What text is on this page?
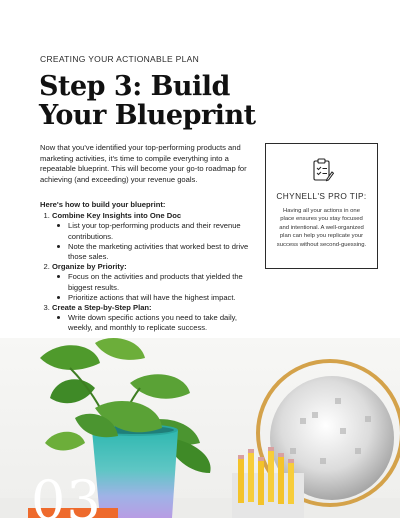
CREATING YOUR ACTIONABLE PLAN
Step 3: Build
Your Blueprint

Now that you've identified your top-performing products and marketing activities, it's time to compile everything into a repeatable blueprint. This will become your go-to roadmap for achieving (and exceeding) your revenue goals.

Here's how to build your blueprint:

1. Combine Key Insights into One Doc
List your top-performing products and their revenue contributions.
Note the marketing activities that worked best to drive those sales.
2. Organize by Priority:
Focus on the activities and products that yielded the biggest results.
Prioritize actions that will have the highest impact.
3. Create a Step-by-Step Plan:
Write down specific actions you need to take daily, weekly, and monthly to replicate success.
CHYNELL'S PRO TIP:
Having all your actions in one place ensures you stay focused and intentional. A well-organized plan can help you replicate your success without second-guessing.
03
